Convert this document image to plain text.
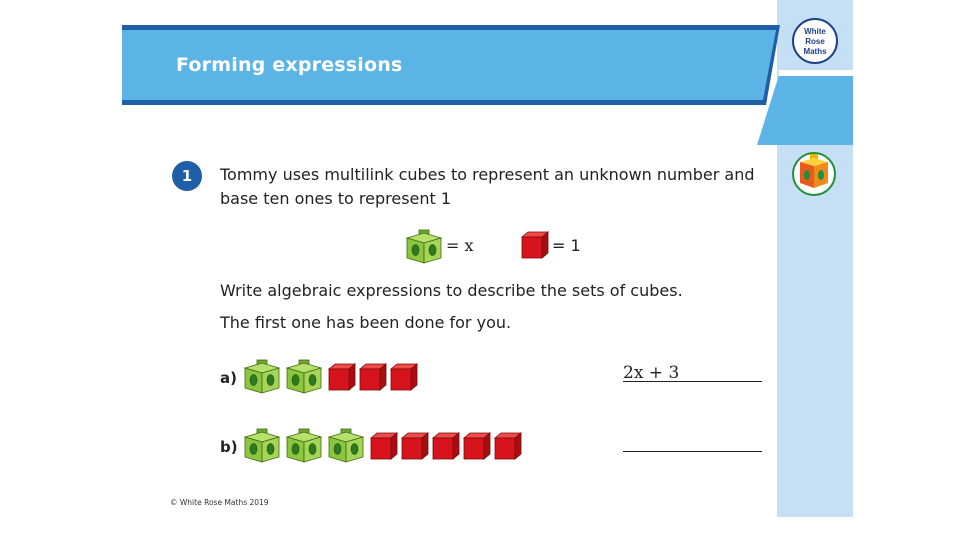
White
Rose
Maths
Forming expressions
1	Tommy uses multilink cubes to represent an unknown number and
base ten ones to represent 1
= x	= 1
Write algebraic expressions to describe the sets of cubes.
The first one has been done for you.
a)	2x + 3
b)
© White Rose Maths 2019
